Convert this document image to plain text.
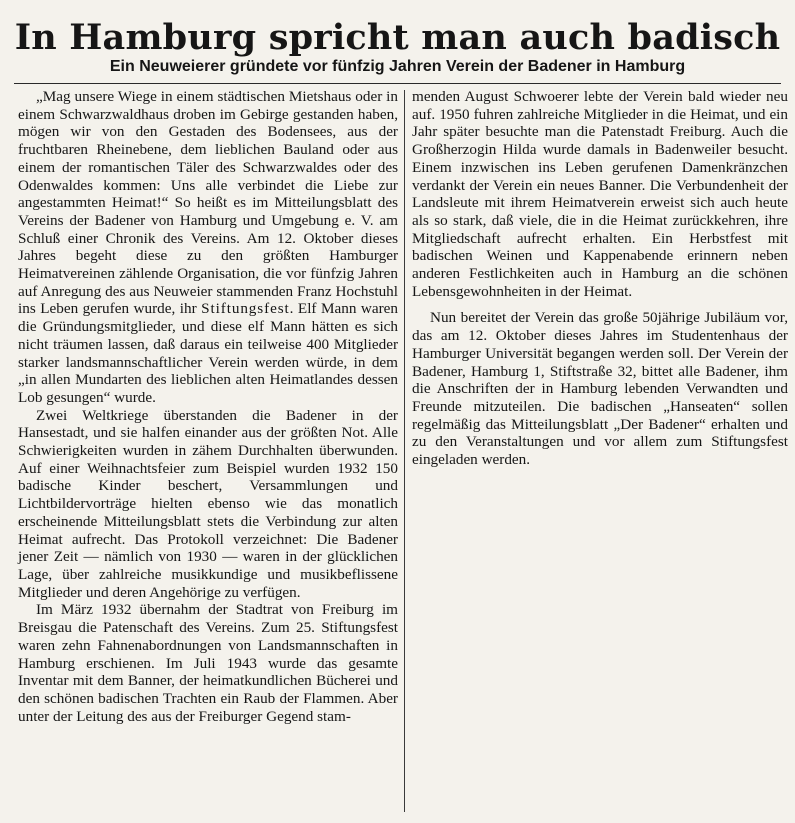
In Hamburg spricht man auch badisch
Ein Neuweierer gründete vor fünfzig Jahren Verein der Badener in Hamburg

„Mag unsere Wiege in einem städtischen Mietshaus oder in einem Schwarzwaldhaus droben im Gebirge gestanden haben, mögen wir von den Gestaden des Bodensees, aus der fruchtbaren Rheinebene, dem lieblichen Bauland oder aus einem der romantischen Täler des Schwarzwaldes oder des Odenwaldes kommen: Uns alle verbindet die Liebe zur angestammten Heimat!“ So heißt es im Mitteilungsblatt des Vereins der Badener von Hamburg und Umgebung e. V. am Schluß einer Chronik des Vereins. Am 12. Oktober dieses Jahres begeht diese zu den größten Hamburger Heimatvereinen zählende Organisation, die vor fünfzig Jahren auf Anregung des aus Neuweier stammenden Franz Hochstuhl ins Leben gerufen wurde, ihr Stiftungsfest. Elf Mann waren die Gründungsmitglieder, und diese elf Mann hätten es sich nicht träumen lassen, daß daraus ein teilweise 400 Mitglieder starker landsmannschaftlicher Verein werden würde, in dem „in allen Mundarten des lieblichen alten Heimatlandes dessen Lob gesungen“ wurde.

Zwei Weltkriege überstanden die Badener in der Hansestadt, und sie halfen einander aus der größten Not. Alle Schwierigkeiten wurden in zähem Durchhalten überwunden. Auf einer Weihnachtsfeier zum Beispiel wurden 1932 150 badische Kinder beschert, Versammlungen und Lichtbildervorträge hielten ebenso wie das monatlich erscheinende Mitteilungsblatt stets die Verbindung zur alten Heimat aufrecht. Das Protokoll verzeichnet: Die Badener jener Zeit — nämlich von 1930 — waren in der glücklichen Lage, über zahlreiche musikkundige und musikbeflissene Mitglieder und deren Angehörige zu verfügen.

Im März 1932 übernahm der Stadtrat von Freiburg im Breisgau die Patenschaft des Vereins. Zum 25. Stiftungsfest waren zehn Fahnenabordnungen von Landsmannschaften in Hamburg erschienen. Im Juli 1943 wurde das gesamte Inventar mit dem Banner, der heimatkundlichen Bücherei und den schönen badischen Trachten ein Raub der Flammen. Aber unter der Leitung des aus der Freiburger Gegend stam-

menden August Schwoerer lebte der Verein bald wieder neu auf. 1950 fuhren zahlreiche Mitglieder in die Heimat, und ein Jahr später besuchte man die Patenstadt Freiburg. Auch die Großherzogin Hilda wurde damals in Badenweiler besucht. Einem inzwischen ins Leben gerufenen Damenkränzchen verdankt der Verein ein neues Banner. Die Verbundenheit der Landsleute mit ihrem Heimatverein erweist sich auch heute als so stark, daß viele, die in die Heimat zurückkehren, ihre Mitgliedschaft aufrecht erhalten. Ein Herbstfest mit badischen Weinen und Kappenabende erinnern neben anderen Festlichkeiten auch in Hamburg an die schönen Lebensgewohnheiten in der Heimat.

Nun bereitet der Verein das große 50jährige Jubiläum vor, das am 12. Oktober dieses Jahres im Studentenhaus der Hamburger Universität begangen werden soll. Der Verein der Badener, Hamburg 1, Stiftstraße 32, bittet alle Badener, ihm die Anschriften der in Hamburg lebenden Verwandten und Freunde mitzuteilen. Die badischen „Hanseaten“ sollen regelmäßig das Mitteilungsblatt „Der Badener“ erhalten und zu den Veranstaltungen und vor allem zum Stiftungsfest eingeladen werden.
